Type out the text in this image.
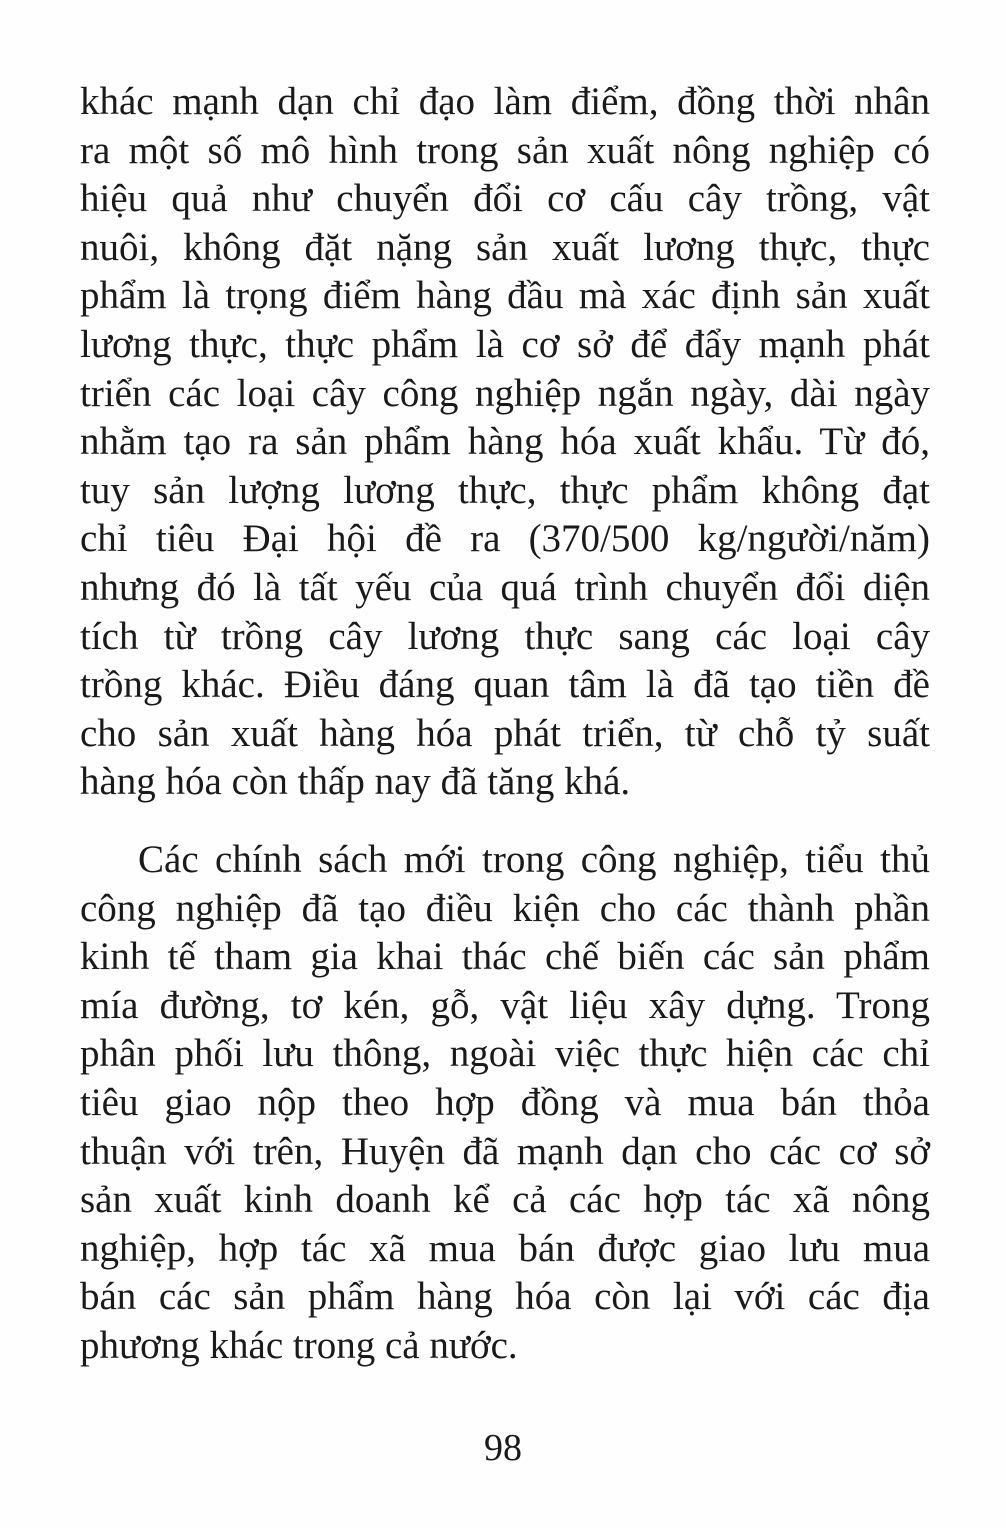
khác mạnh dạn chỉ đạo làm điểm, đồng thời nhân
ra một số mô hình trong sản xuất nông nghiệp có
hiệu quả như chuyển đổi cơ cấu cây trồng, vật
nuôi, không đặt nặng sản xuất lương thực, thực
phẩm là trọng điểm hàng đầu mà xác định sản xuất
lương thực, thực phẩm là cơ sở để đẩy mạnh phát
triển các loại cây công nghiệp ngắn ngày, dài ngày
nhằm tạo ra sản phẩm hàng hóa xuất khẩu. Từ đó,
tuy sản lượng lương thực, thực phẩm không đạt
chỉ tiêu Đại hội đề ra (370/500 kg/người/năm)
nhưng đó là tất yếu của quá trình chuyển đổi diện
tích từ trồng cây lương thực sang các loại cây
trồng khác. Điều đáng quan tâm là đã tạo tiền đề
cho sản xuất hàng hóa phát triển, từ chỗ tỷ suất
hàng hóa còn thấp nay đã tăng khá.
Các chính sách mới trong công nghiệp, tiểu thủ
công nghiệp đã tạo điều kiện cho các thành phần
kinh tế tham gia khai thác chế biến các sản phẩm
mía đường, tơ kén, gỗ, vật liệu xây dựng. Trong
phân phối lưu thông, ngoài việc thực hiện các chỉ
tiêu giao nộp theo hợp đồng và mua bán thỏa
thuận với trên, Huyện đã mạnh dạn cho các cơ sở
sản xuất kinh doanh kể cả các hợp tác xã nông
nghiệp, hợp tác xã mua bán được giao lưu mua
bán các sản phẩm hàng hóa còn lại với các địa
phương khác trong cả nước.
98
